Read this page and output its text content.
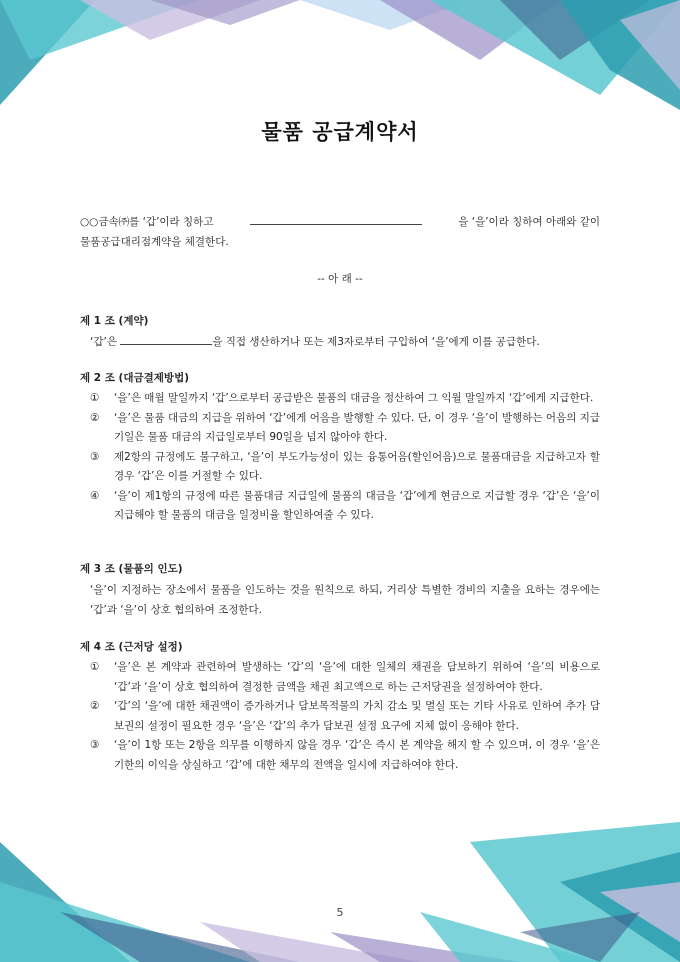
물품 공급계약서
○○금속㈜를 ‘갑’이라 칭하고	을 ‘을’이라 칭하여 아래와 같이
물품공급대리점계약을 체결한다.
-- 아 래 --
제 1 조 (계약)
‘갑’은	을 직접 생산하거나 또는 제3자로부터 구입하여 ‘을’에게 이를 공급한다.
제 2 조 (대금결제방법)
①	‘을’은 매월 말일까지 ‘갑’으로부터 공급받은 물품의 대금을 정산하여 그 익월 말일까지 ‘갑’에게 지급한다.
②	‘을’은 물품 대금의 지급을 위하여 ‘갑’에게 어음을 발행할 수 있다. 단, 이 경우 ‘을’이 발행하는 어음의 지급기일은 물품 대금의 지급일로부터 90일을 넘지 않아야 한다.
③	제2항의 규정에도 불구하고, ‘을’이 부도가능성이 있는 융통어음(할인어음)으로 물품대금을 지급하고자 할 경우 ‘갑’은 이를 거절할 수 있다.
④	‘을’이 제1항의 규정에 따른 물품대금 지급일에 물품의 대금을 ‘갑’에게 현금으로 지급할 경우 ‘갑’은 ‘을’이 지급해야 할 물품의 대금을 일정비율 할인하여줄 수 있다.
제 3 조 (물품의 인도)
‘을’이 지정하는 장소에서 물품을 인도하는 것을 원칙으로 하되, 거리상 특별한 경비의 지출을 요하는 경우에는 ‘갑’과 ‘을’이 상호 협의하여 조정한다.
제 4 조 (근저당 설정)
①	‘을’은 본 계약과 관련하여 발생하는 ‘갑’의 ‘을’에 대한 일체의 채권을 담보하기 위하여 ‘을’의 비용으로 ‘갑’과 ‘을’이 상호 협의하여 결정한 금액을 채권 최고액으로 하는 근저당권을 설정하여야 한다.
②	‘갑’의 ‘을’에 대한 채권액이 증가하거나 담보목적물의 가치 감소 및 멸실 또는 기타 사유로 인하여 추가 담보권의 설정이 필요한 경우 ‘을’은 ‘갑’의 추가 담보권 설정 요구에 지체 없이 응해야 한다.
③	‘을’이 1항 또는 2항을 의무를 이행하지 않을 경우 ‘갑’은 즉시 본 계약을 해지 할 수 있으며, 이 경우 ‘을’은 기한의 이익을 상실하고 ‘갑’에 대한 채무의 전액을 일시에 지급하여야 한다.
5
